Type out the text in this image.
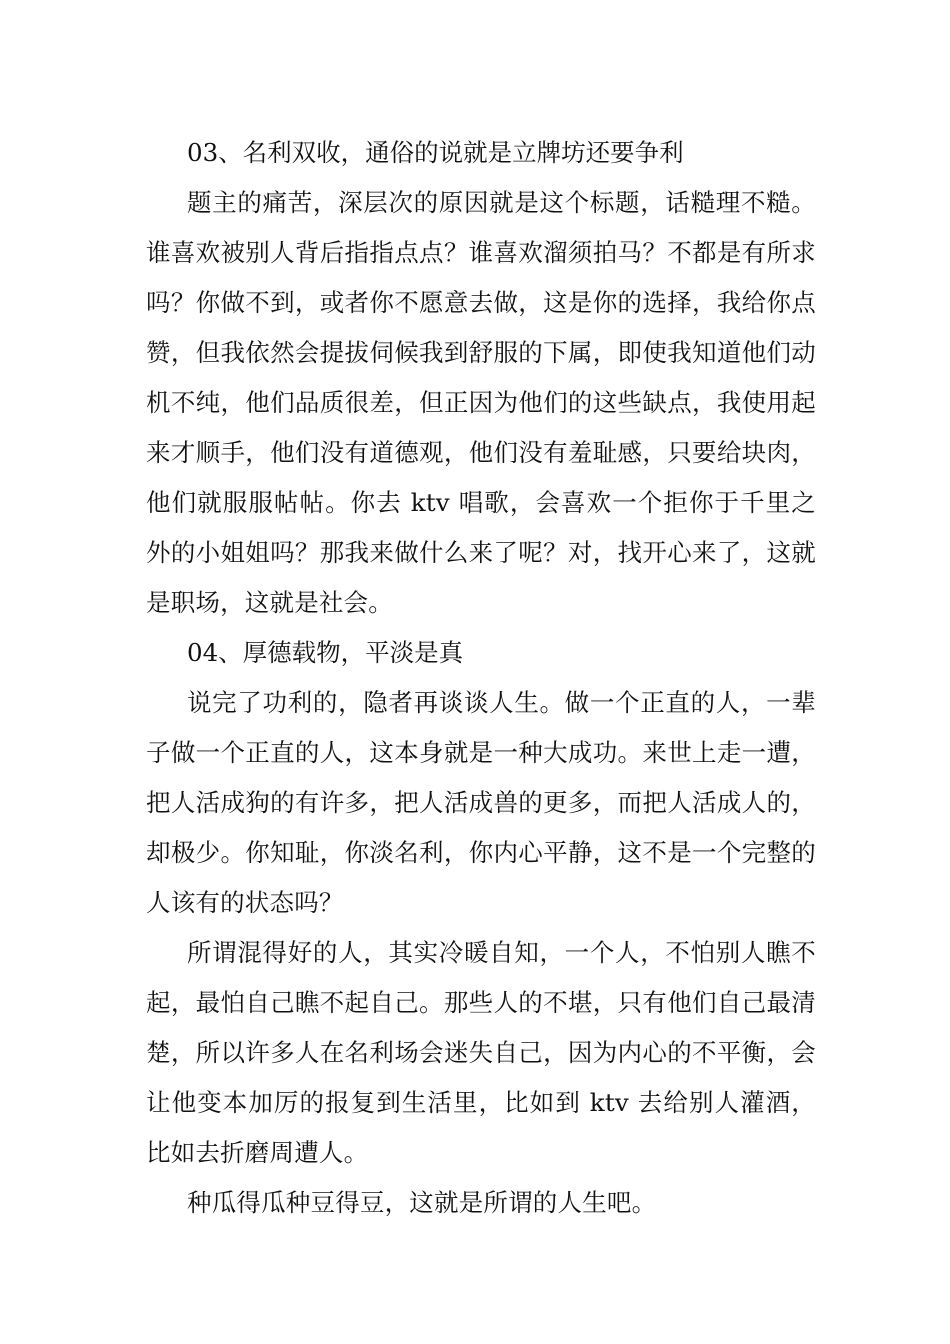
03、名利双收，通俗的说就是立牌坊还要争利

题主的痛苦，深层次的原因就是这个标题，话糙理不糙。谁喜欢被别人背后指指点点？谁喜欢溜须拍马？不都是有所求吗？你做不到，或者你不愿意去做，这是你的选择，我给你点赞，但我依然会提拔伺候我到舒服的下属，即使我知道他们动机不纯，他们品质很差，但正因为他们的这些缺点，我使用起来才顺手，他们没有道德观，他们没有羞耻感，只要给块肉，他们就服服帖帖。你去 ktv 唱歌，会喜欢一个拒你于千里之外的小姐姐吗？那我来做什么来了呢？对，找开心来了，这就是职场，这就是社会。

04、厚德载物，平淡是真

说完了功利的，隐者再谈谈人生。做一个正直的人，一辈子做一个正直的人，这本身就是一种大成功。来世上走一遭，把人活成狗的有许多，把人活成兽的更多，而把人活成人的，却极少。你知耻，你淡名利，你内心平静，这不是一个完整的人该有的状态吗？

所谓混得好的人，其实冷暖自知，一个人，不怕别人瞧不起，最怕自己瞧不起自己。那些人的不堪，只有他们自己最清楚，所以许多人在名利场会迷失自己，因为内心的不平衡，会让他变本加厉的报复到生活里，比如到 ktv 去给别人灌酒，比如去折磨周遭人。

种瓜得瓜种豆得豆，这就是所谓的人生吧。
